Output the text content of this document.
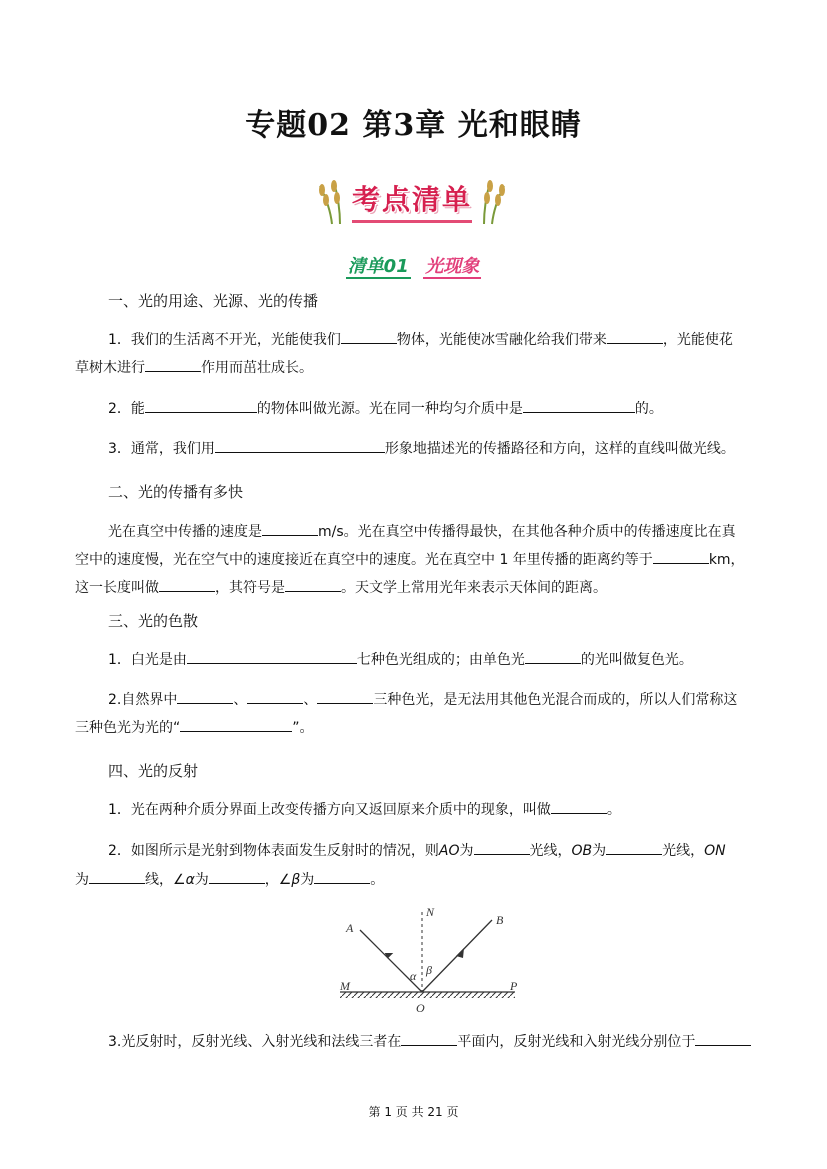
专题02 第3章 光和眼睛
考点清单
清单01 光现象
一、光的用途、光源、光的传播
1．我们的生活离不开光，光能使我们	物体，光能使冰雪融化给我们带来	，光能使花
草树木进行	作用而茁壮成长。
2．能	的物体叫做光源。光在同一种均匀介质中是	的。
3．通常，我们用	形象地描述光的传播路径和方向，这样的直线叫做光线。
二、光的传播有多快
光在真空中传播的速度是	m/s。光在真空中传播得最快，在其他各种介质中的传播速度比在真
空中的速度慢，光在空气中的速度接近在真空中的速度。光在真空中 1 年里传播的距离约等于	km，
这一长度叫做	，其符号是	。天文学上常用光年来表示天体间的距离。
三、光的色散
1．白光是由	七种色光组成的；由单色光	的光叫做复色光。
2.自然界中	、	、	三种色光，是无法用其他色光混合而成的，所以人们常称这
三种色光为光的“	”。
四、光的反射
1．光在两种介质分界面上改变传播方向又返回原来介质中的现象，叫做	。
2．如图所示是光射到物体表面发生反射时的情况，则AO为	光线，OB为	光线，ON
为	线，∠α为	，∠β为	。
A
B
N
M	P
O
α β
3.光反射时，反射光线、入射光线和法线三者在	平面内，反射光线和入射光线分别位于
第 1 页 共 21 页
